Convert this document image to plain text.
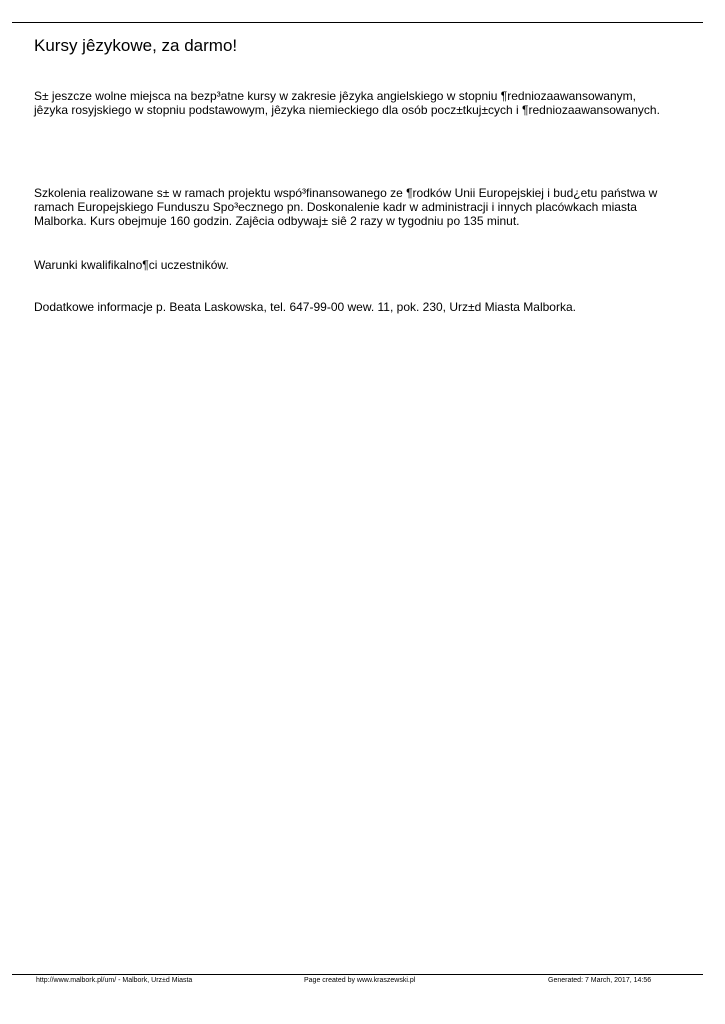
Kursy jêzykowe, za darmo!
S± jeszcze wolne miejsca na bezp³atne kursy w zakresie jêzyka angielskiego w stopniu ¶redniozaawansowanym,
jêzyka rosyjskiego w stopniu podstawowym, jêzyka niemieckiego dla osób pocz±tkuj±cych i ¶redniozaawansowanych.
Szkolenia realizowane s± w ramach projektu wspó³finansowanego ze ¶rodków Unii Europejskiej i bud¿etu państwa w
ramach Europejskiego Funduszu Spo³ecznego pn. Doskonalenie kadr w administracji i innych placówkach miasta
Malborka. Kurs obejmuje 160 godzin. Zajêcia odbywaj± siê 2 razy w tygodniu po 135 minut.
Warunki kwalifikalno¶ci uczestników.
Dodatkowe informacje p. Beata Laskowska, tel. 647-99-00 wew. 11, pok. 230, Urz±d Miasta Malborka.
http://www.malbork.pl/um/ - Malbork, Urz±d Miasta	Page created by www.kraszewski.pl	Generated: 7 March, 2017, 14:56
